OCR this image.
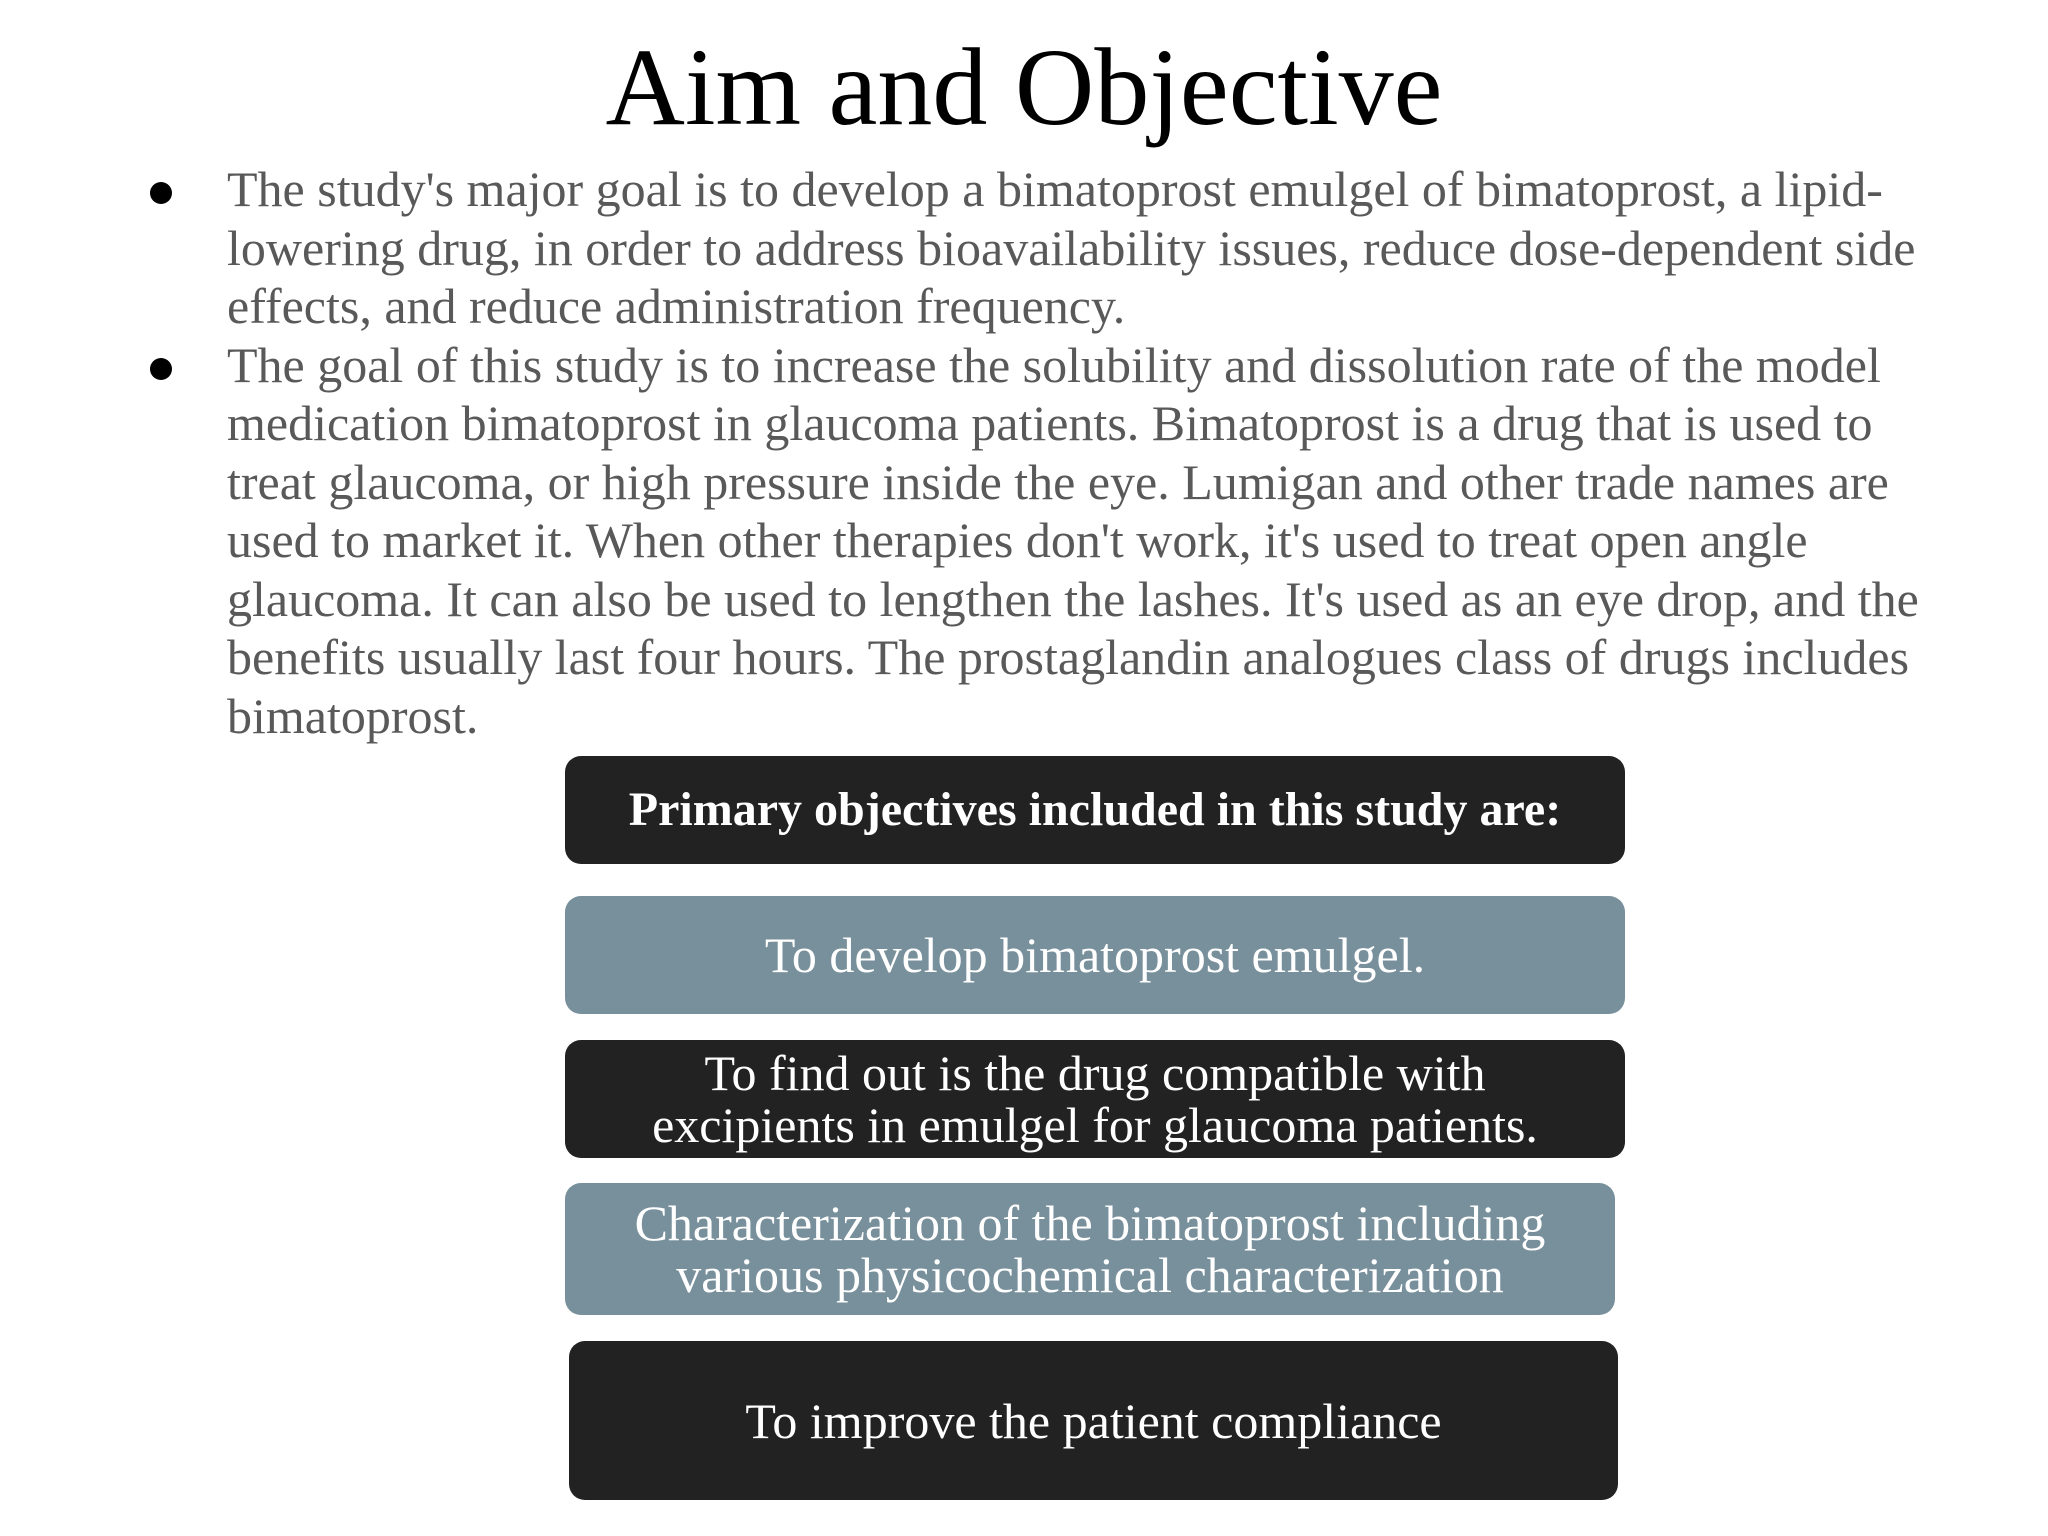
Aim and Objective
The study's major goal is to develop a bimatoprost emulgel of bimatoprost, a lipid-lowering drug, in order to address bioavailability issues, reduce dose-dependent side effects, and reduce administration frequency.
The goal of this study is to increase the solubility and dissolution rate of the model medication bimatoprost in glaucoma patients. Bimatoprost is a drug that is used to treat glaucoma, or high pressure inside the eye. Lumigan and other trade names are used to market it. When other therapies don't work, it's used to treat open angle glaucoma. It can also be used to lengthen the lashes. It's used as an eye drop, and the benefits usually last four hours. The prostaglandin analogues class of drugs includes bimatoprost.
Primary objectives included in this study are:
To develop bimatoprost emulgel.
To find out is the drug compatible with
excipients in emulgel for glaucoma patients.
Characterization of the bimatoprost including
various physicochemical characterization
To improve the patient compliance
